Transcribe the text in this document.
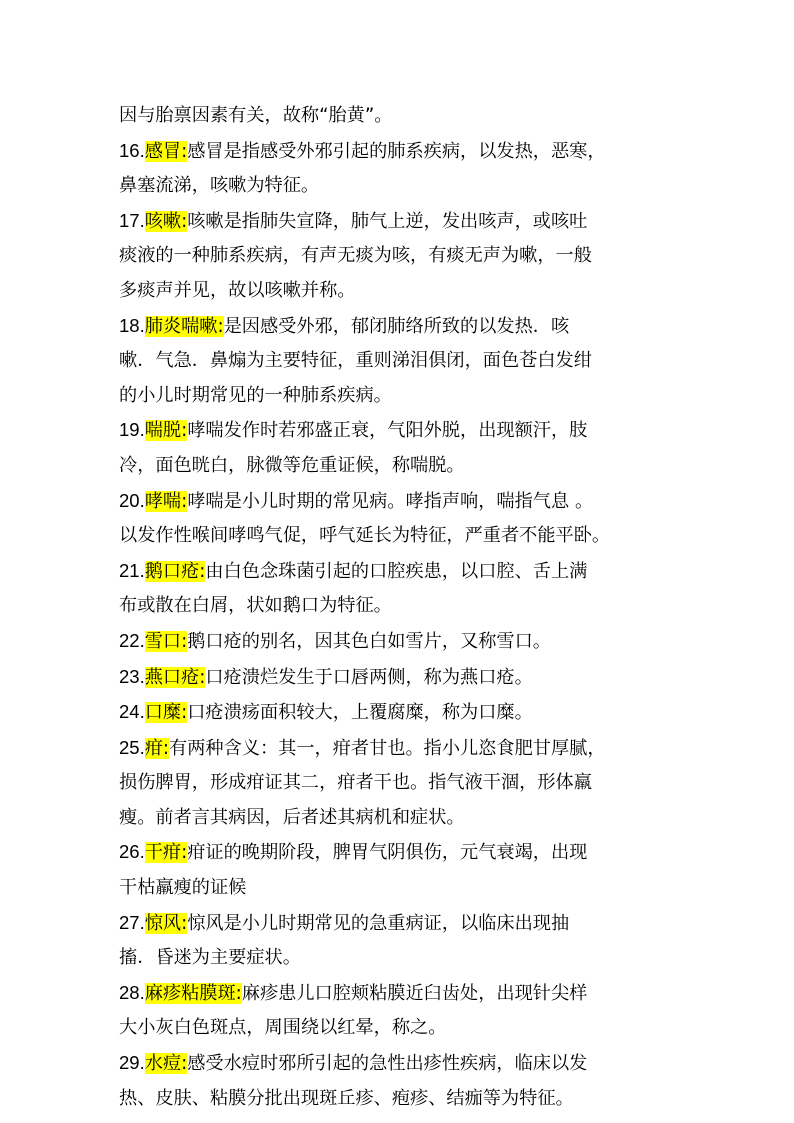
因与胎禀因素有关，故称“胎黄”。

16.感冒:感冒是指感受外邪引起的肺系疾病，以发热，恶寒，
鼻塞流涕，咳嗽为特征。

17.咳嗽:咳嗽是指肺失宣降，肺气上逆，发出咳声，或咳吐
痰液的一种肺系疾病，有声无痰为咳，有痰无声为嗽，一般
多痰声并见，故以咳嗽并称。

18.肺炎喘嗽:是因感受外邪，郁闭肺络所致的以发热．咳
嗽．气急．鼻煽为主要特征，重则涕泪俱闭，面色苍白发绀
的小儿时期常见的一种肺系疾病。

19.喘脱:哮喘发作时若邪盛正衰，气阳外脱，出现额汗，肢
冷，面色晄白，脉微等危重证候，称喘脱。

20.哮喘:哮喘是小儿时期的常见病。哮指声响，喘指气息 。
以发作性喉间哮鸣气促，呼气延长为特征，严重者不能平卧。

21.鹅口疮:由白色念珠菌引起的口腔疾患，以口腔、舌上满
布或散在白屑，状如鹅口为特征。

22.雪口:鹅口疮的别名，因其色白如雪片，又称雪口。

23.燕口疮:口疮溃烂发生于口唇两侧，称为燕口疮。

24.口糜:口疮溃疡面积较大，上覆腐糜，称为口糜。

25.疳:有两种含义：其一，疳者甘也。指小儿恣食肥甘厚腻，
损伤脾胃，形成疳证其二，疳者干也。指气液干涸，形体羸
瘦。前者言其病因，后者述其病机和症状。

26.干疳:疳证的晚期阶段，脾胃气阴俱伤，元气衰竭，出现
干枯羸瘦的证候

27.惊风:惊风是小儿时期常见的急重病证，以临床出现抽
搐．昏迷为主要症状。

28.麻疹粘膜斑:麻疹患儿口腔颊粘膜近臼齿处，出现针尖样
大小灰白色斑点，周围绕以红晕，称之。

29.水痘:感受水痘时邪所引起的急性出疹性疾病，临床以发
热、皮肤、粘膜分批出现斑丘疹、疱疹、结痂等为特征。
